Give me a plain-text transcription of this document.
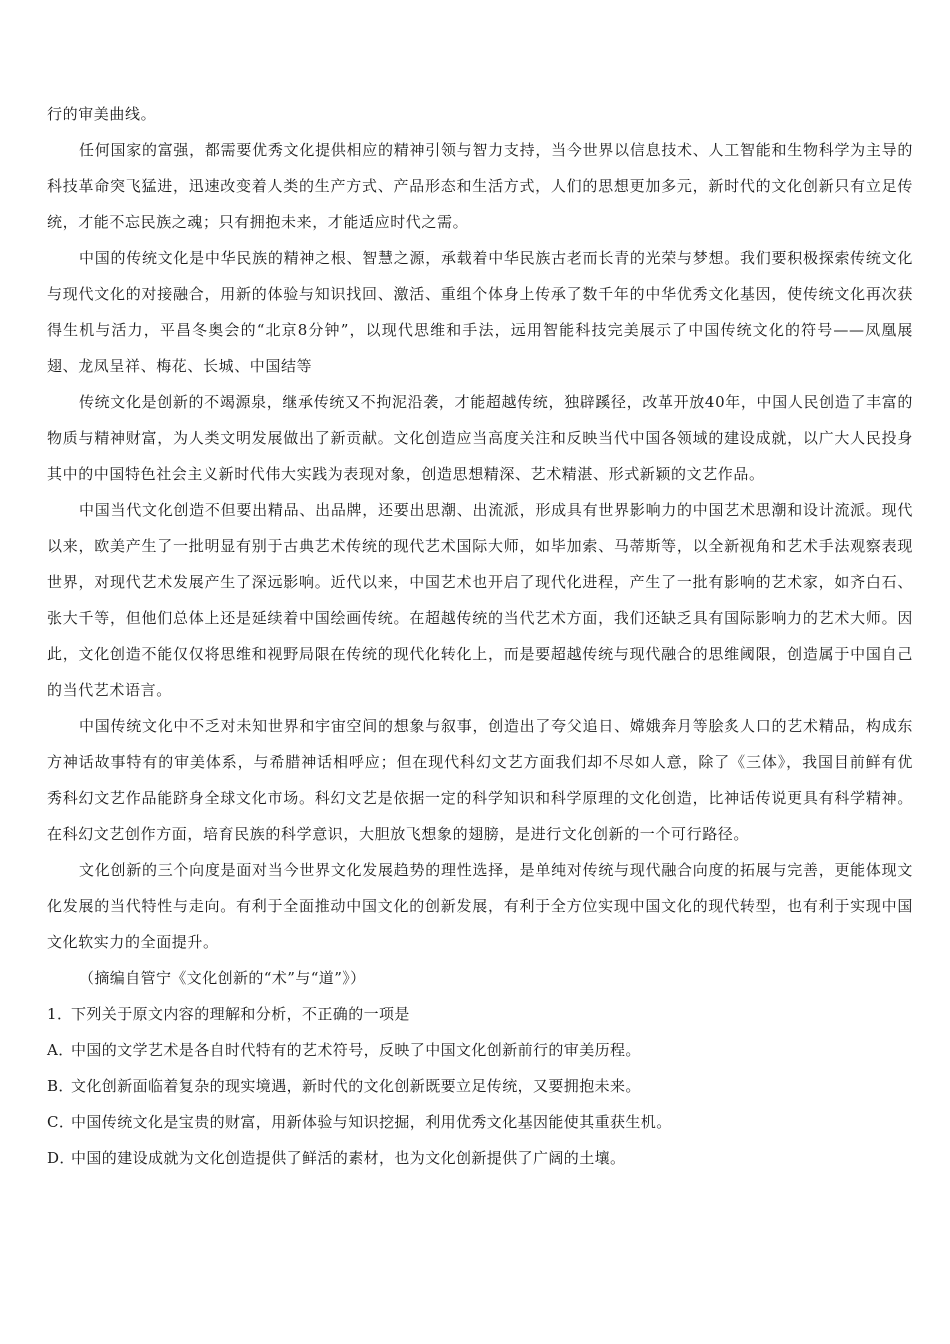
行的审美曲线。

任何国家的富强，都需要优秀文化提供相应的精神引领与智力支持，当今世界以信息技术、人工智能和生物科学为主导的科技革命突飞猛进，迅速改变着人类的生产方式、产品形态和生活方式，人们的思想更加多元，新时代的文化创新只有立足传统，才能不忘民族之魂；只有拥抱未来，才能适应时代之需。

中国的传统文化是中华民族的精神之根、智慧之源，承载着中华民族古老而长青的光荣与梦想。我们要积极探索传统文化与现代文化的对接融合，用新的体验与知识找回、激活、重组个体身上传承了数千年的中华优秀文化基因，使传统文化再次获得生机与活力，平昌冬奥会的“北京8分钟”，以现代思维和手法，远用智能科技完美展示了中国传统文化的符号——凤凰展翅、龙凤呈祥、梅花、长城、中国结等

传统文化是创新的不竭源泉，继承传统又不拘泥沿袭，才能超越传统，独辟蹊径，改革开放40年，中国人民创造了丰富的物质与精神财富，为人类文明发展做出了新贡献。文化创造应当高度关注和反映当代中国各领域的建设成就，以广大人民投身其中的中国特色社会主义新时代伟大实践为表现对象，创造思想精深、艺术精湛、形式新颖的文艺作品。

中国当代文化创造不但要出精品、出品牌，还要出思潮、出流派，形成具有世界影响力的中国艺术思潮和设计流派。现代以来，欧美产生了一批明显有别于古典艺术传统的现代艺术国际大师，如毕加索、马蒂斯等，以全新视角和艺术手法观察表现世界，对现代艺术发展产生了深远影响。近代以来，中国艺术也开启了现代化进程，产生了一批有影响的艺术家，如齐白石、张大千等，但他们总体上还是延续着中国绘画传统。在超越传统的当代艺术方面，我们还缺乏具有国际影响力的艺术大师。因此，文化创造不能仅仅将思维和视野局限在传统的现代化转化上，而是要超越传统与现代融合的思维阈限，创造属于中国自己的当代艺术语言。

中国传统文化中不乏对未知世界和宇宙空间的想象与叙事，创造出了夸父追日、嫦娥奔月等脍炙人口的艺术精品，构成东方神话故事特有的审美体系，与希腊神话相呼应；但在现代科幻文艺方面我们却不尽如人意，除了《三体》，我国目前鲜有优秀科幻文艺作品能跻身全球文化市场。科幻文艺是依据一定的科学知识和科学原理的文化创造，比神话传说更具有科学精神。在科幻文艺创作方面，培育民族的科学意识，大胆放飞想象的翅膀，是进行文化创新的一个可行路径。

文化创新的三个向度是面对当今世界文化发展趋势的理性选择，是单纯对传统与现代融合向度的拓展与完善，更能体现文化发展的当代特性与走向。有利于全面推动中国文化的创新发展，有利于全方位实现中国文化的现代转型，也有利于实现中国文化软实力的全面提升。

（摘编自管宁《文化创新的“术”与“道”》）

1．下列关于原文内容的理解和分析，不正确的一项是

A．中国的文学艺术是各自时代特有的艺术符号，反映了中国文化创新前行的审美历程。

B．文化创新面临着复杂的现实境遇，新时代的文化创新既要立足传统，又要拥抱未来。

C．中国传统文化是宝贵的财富，用新体验与知识挖掘，利用优秀文化基因能使其重获生机。

D．中国的建设成就为文化创造提供了鲜活的素材，也为文化创新提供了广阔的土壤。
